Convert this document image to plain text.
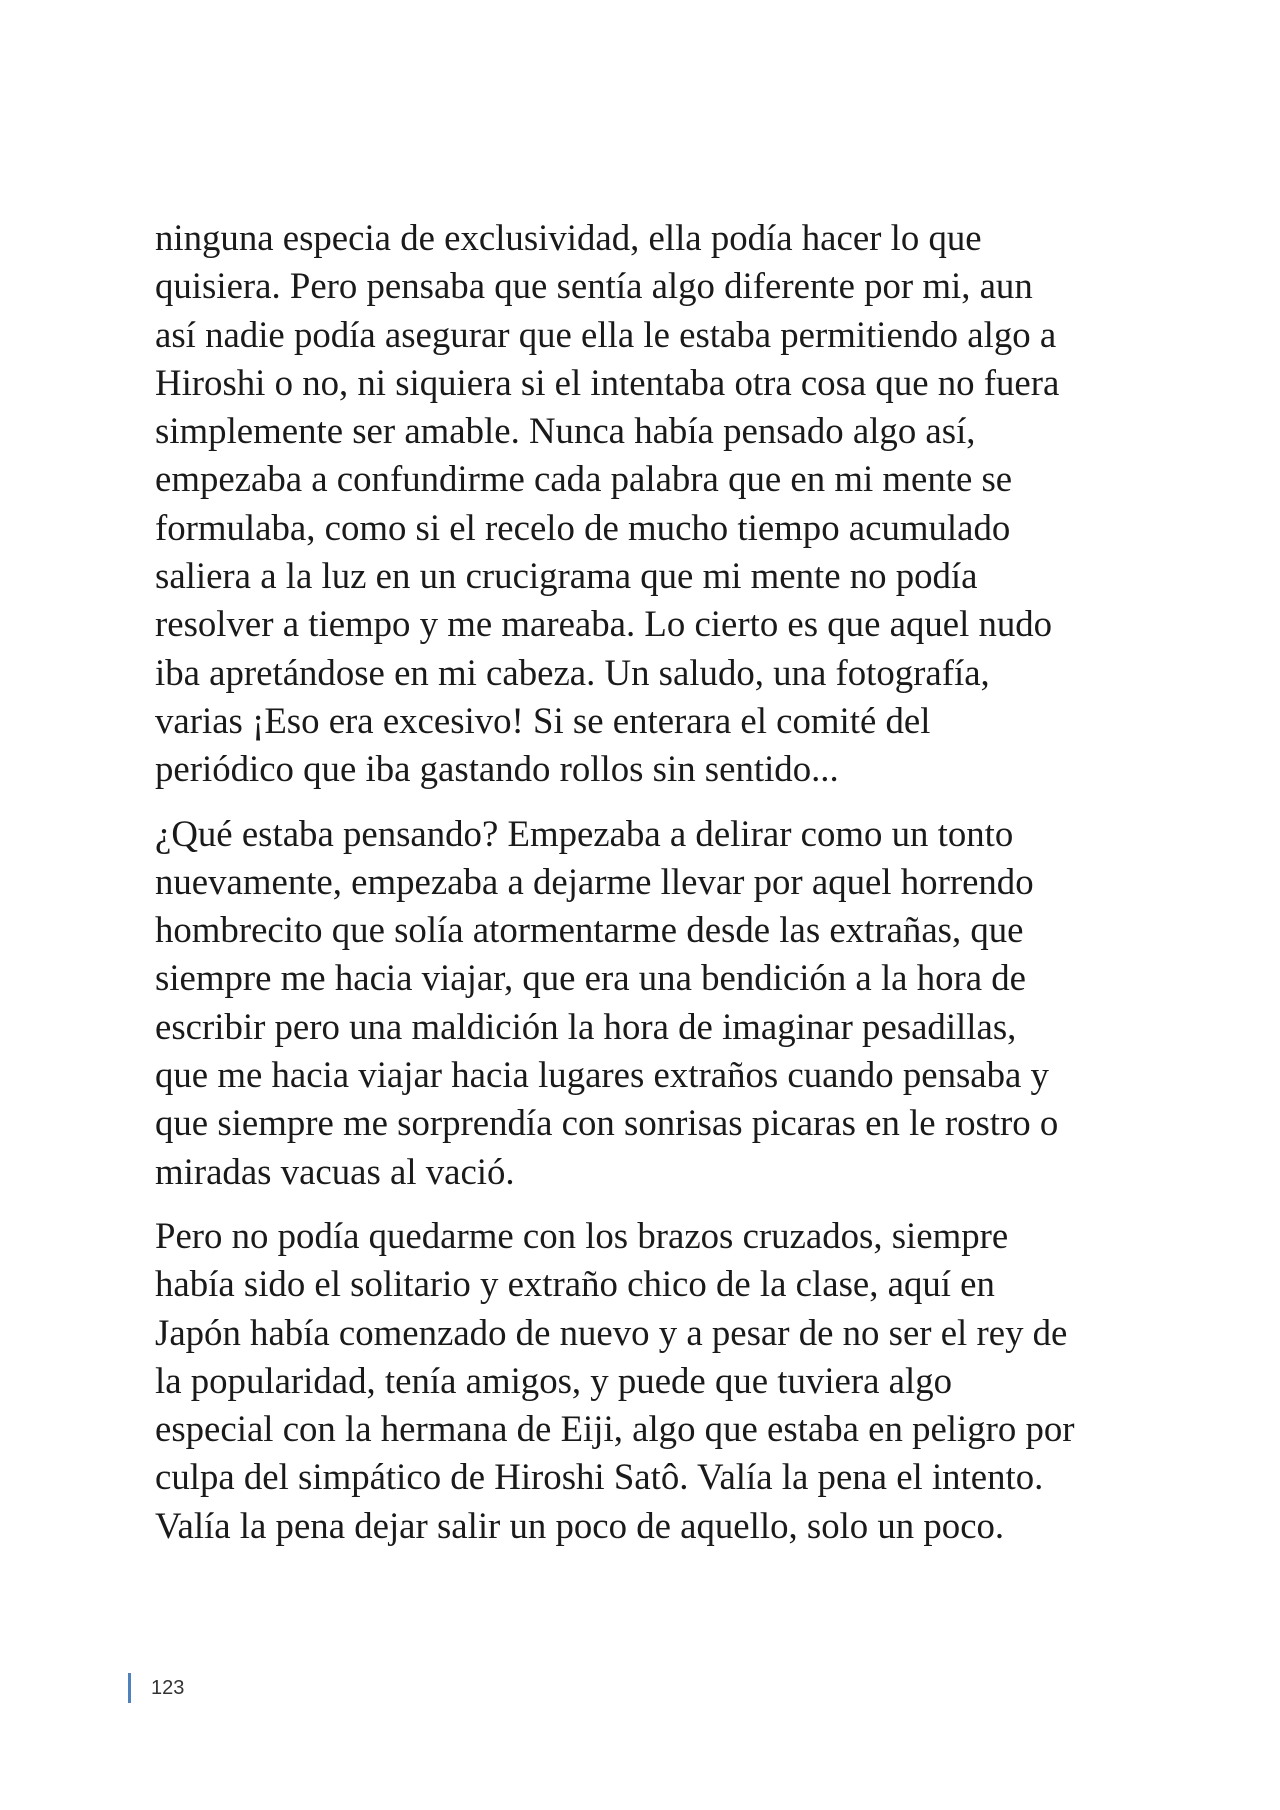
ninguna especia de exclusividad, ella podía hacer lo que
quisiera. Pero pensaba que sentía algo diferente por mi, aun
así nadie podía asegurar que ella le estaba permitiendo algo a
Hiroshi o no, ni siquiera si el intentaba otra cosa que no fuera
simplemente ser amable. Nunca había pensado algo así,
empezaba a confundirme cada palabra que en mi mente se
formulaba, como si el recelo de mucho tiempo acumulado
saliera a la luz en un crucigrama que mi mente no podía
resolver a tiempo y me mareaba. Lo cierto es que aquel nudo
iba apretándose en mi cabeza. Un saludo, una fotografía,
varias ¡Eso era excesivo! Si se enterara el comité del
periódico que iba gastando rollos sin sentido...

¿Qué estaba pensando? Empezaba a delirar como un tonto
nuevamente, empezaba a dejarme llevar por aquel horrendo
hombrecito que solía atormentarme desde las extrañas, que
siempre me hacia viajar, que era una bendición a la hora de
escribir pero una maldición la hora de imaginar pesadillas,
que me hacia viajar hacia lugares extraños cuando pensaba y
que siempre me sorprendía con sonrisas picaras en le rostro o
miradas vacuas al vació.

Pero no podía quedarme con los brazos cruzados, siempre
había sido el solitario y extraño chico de la clase, aquí en
Japón había comenzado de nuevo y a pesar de no ser el rey de
la popularidad, tenía amigos, y puede que tuviera algo
especial con la hermana de Eiji, algo que estaba en peligro por
culpa del simpático de Hiroshi Satô. Valía la pena el intento.
Valía la pena dejar salir un poco de aquello, solo un poco.

123
